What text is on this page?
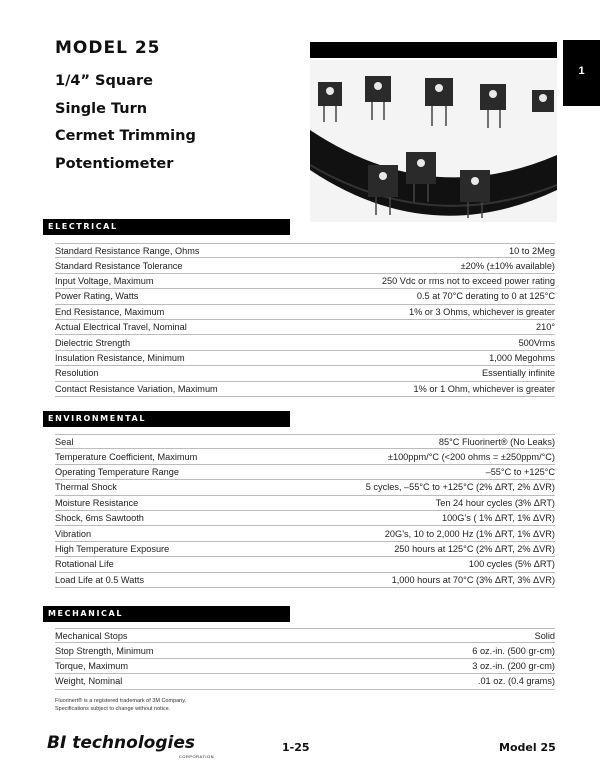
MODEL 25
1/4” Square
Single Turn
Cermet Trimming
Potentiometer
1
ELECTRICAL
Standard Resistance Range, Ohms	10 to 2Meg
Standard Resistance Tolerance	±20% (±10% available)
Input Voltage, Maximum	250 Vdc or rms not to exceed power rating
Power Rating, Watts	0.5 at 70°C derating to 0 at 125°C
End Resistance, Maximum	1% or 3 Ohms, whichever is greater
Actual Electrical Travel, Nominal	210°
Dielectric Strength	500Vrms
Insulation Resistance, Minimum	1,000 Megohms
Resolution	Essentially infinite
Contact Resistance Variation, Maximum	1% or 1 Ohm, whichever is greater
ENVIRONMENTAL
Seal	85°C Fluorinert® (No Leaks)
Temperature Coefficient, Maximum	±100ppm/°C (<200 ohms = ±250ppm/°C)
Operating Temperature Range	–55°C to +125°C
Thermal Shock	5 cycles, –55°C to +125°C (2% ΔRT, 2% ΔVR)
Moisture Resistance	Ten 24 hour cycles (3% ΔRT)
Shock, 6ms Sawtooth	100G’s ( 1% ΔRT, 1% ΔVR)
Vibration	20G’s, 10 to 2,000 Hz (1% ΔRT, 1% ΔVR)
High Temperature Exposure	250 hours at 125°C (2% ΔRT, 2% ΔVR)
Rotational Life	100 cycles (5% ΔRT)
Load Life at 0.5 Watts	1,000 hours at 70°C (3% ΔRT, 3% ΔVR)
MECHANICAL
Mechanical Stops	Solid
Stop Strength, Minimum	6 oz.-in. (500 gr-cm)
Torque, Maximum	3 oz.-in. (200 gr-cm)
Weight, Nominal	.01 oz. (0.4 grams)
Fluorinert® is a registered trademark of 3M Company.
Specifications subject to change without notice.
BI technologies
CORPORATION
1-25	Model 25
